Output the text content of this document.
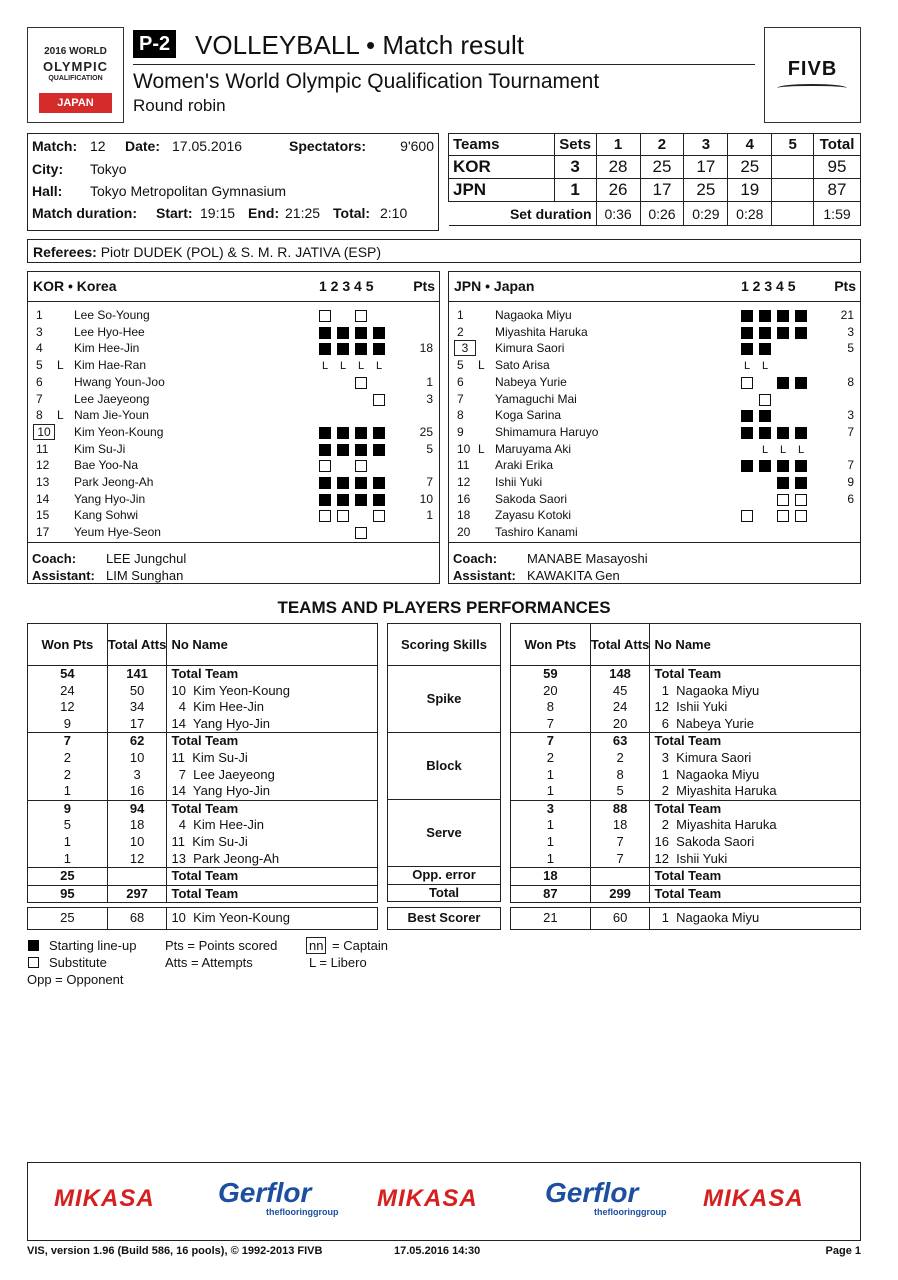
2016 WORLD
OLYMPIC
QUALIFICATION
JAPAN
P-2 VOLLEYBALL • Match result
Women's World Olympic Qualification Tournament
Round robin
FIVB
Match: 12 Date: 17.05.2016	Spectators: 9'600
City: Tokyo
Hall: Tokyo Metropolitan Gymnasium
Match duration: Start: 19:15 End: 21:25 Total: 2:10
Teams	Sets	1	2	3	4	5	Total
KOR	3	28	25	17	25		95
JPN	1	26	17	25	19		87
Set duration		0:36	0:26	0:29	0:28		1:59
Referees: Piotr DUDEK (POL) & S. M. R. JATIVA (ESP)
KOR • Korea	1 2 3 4 5	Pts
1	Lee So-Young
3	Lee Hyo-Hee
4	Kim Hee-Jin	18
5	L Kim Hae-Ran	L L L L
6	Hwang Youn-Joo	1
7	Lee Jaeyeong	3
8	L Nam Jie-Youn
10	Kim Yeon-Koung	25
11	Kim Su-Ji	5
12	Bae Yoo-Na
13	Park Jeong-Ah	7
14	Yang Hyo-Jin	10
15	Kang Sohwi	1
17	Yeum Hye-Seon
Coach: LEE Jungchul
Assistant: LIM Sunghan
JPN • Japan	1 2 3 4 5	Pts
1	Nagaoka Miyu	21
2	Miyashita Haruka	3
3	Kimura Saori	5
5	L Sato Arisa	L L
6	Nabeya Yurie	8
7	Yamaguchi Mai
8	Koga Sarina	3
9	Shimamura Haruyo	7
10 L Maruyama Aki	L L L
11	Araki Erika	7
12	Ishii Yuki	9
16	Sakoda Saori	6
18	Zayasu Kotoki
20	Tashiro Kanami
Coach: MANABE Masayoshi
Assistant: KAWAKITA Gen
TEAMS AND PLAYERS PERFORMANCES
Won Pts	Total Atts	No Name
54	141	Total Team
24	50	10  Kim Yeon-Koung
12	34	4  Kim Hee-Jin
9	17	14  Yang Hyo-Jin
7	62	Total Team
2	10	11  Kim Su-Ji
2	3	7  Lee Jaeyeong
1	16	14  Yang Hyo-Jin
9	94	Total Team
5	18	4  Kim Hee-Jin
1	10	11  Kim Su-Ji
1	12	13  Park Jeong-Ah
25		Total Team
95	297	Total Team
Scoring Skills
Spike
Block
Serve
Opp. error
Total
Won Pts	Total Atts	No Name
59	148	Total Team
20	45	1  Nagaoka Miyu
8	24	12  Ishii Yuki
7	20	6  Nabeya Yurie
7	63	Total Team
2	2	3  Kimura Saori
1	8	1  Nagaoka Miyu
1	5	2  Miyashita Haruka
3	88	Total Team
1	18	2  Miyashita Haruka
1	7	16  Sakoda Saori
1	7	12  Ishii Yuki
18		Total Team
87	299	Total Team
25	68	10  Kim Yeon-Koung	Best Scorer	21	60	1  Nagaoka Miyu
Starting line-up
Substitute
Opp = Opponent
Pts = Points scored
Atts = Attempts
nn = Captain
L = Libero
MIKASA Gerflor
theflooringgroup MIKASA Gerflor
theflooringgroup MIKASA
VIS, version 1.96 (Build 586, 16 pools), © 1992-2013 FIVB	17.05.2016 14:30	Page 1
